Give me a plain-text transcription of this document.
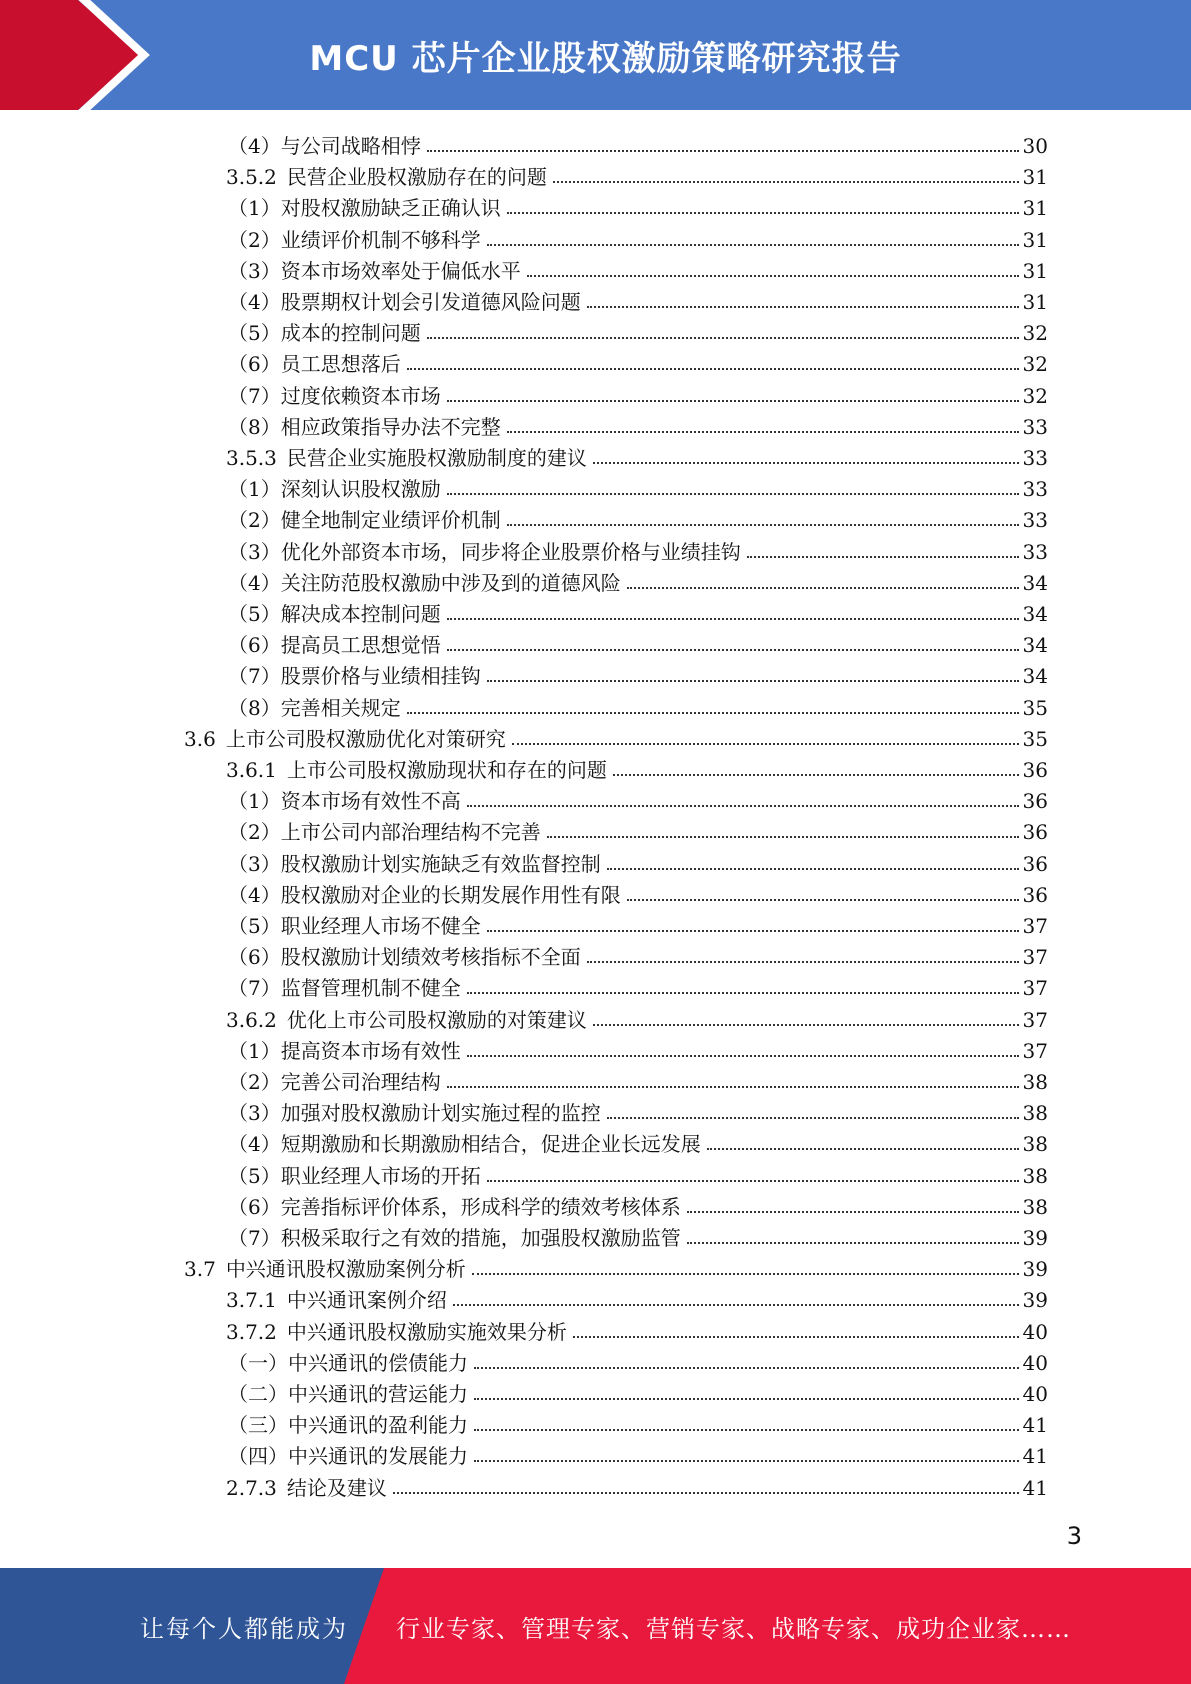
MCU 芯片企业股权激励策略研究报告
（4）与公司战略相悖	30
3.5.2 民营企业股权激励存在的问题	31
（1）对股权激励缺乏正确认识	31
（2）业绩评价机制不够科学	31
（3）资本市场效率处于偏低水平	31
（4）股票期权计划会引发道德风险问题	31
（5）成本的控制问题	32
（6）员工思想落后	32
（7）过度依赖资本市场	32
（8）相应政策指导办法不完整	33
3.5.3 民营企业实施股权激励制度的建议	33
（1）深刻认识股权激励	33
（2）健全地制定业绩评价机制	33
（3）优化外部资本市场，同步将企业股票价格与业绩挂钩	33
（4）关注防范股权激励中涉及到的道德风险	34
（5）解决成本控制问题	34
（6）提高员工思想觉悟	34
（7）股票价格与业绩相挂钩	34
（8）完善相关规定	35
3.6 上市公司股权激励优化对策研究	35
3.6.1 上市公司股权激励现状和存在的问题	36
（1）资本市场有效性不高	36
（2）上市公司内部治理结构不完善	36
（3）股权激励计划实施缺乏有效监督控制	36
（4）股权激励对企业的长期发展作用性有限	36
（5）职业经理人市场不健全	37
（6）股权激励计划绩效考核指标不全面	37
（7）监督管理机制不健全	37
3.6.2 优化上市公司股权激励的对策建议	37
（1）提高资本市场有效性	37
（2）完善公司治理结构	38
（3）加强对股权激励计划实施过程的监控	38
（4）短期激励和长期激励相结合，促进企业长远发展	38
（5）职业经理人市场的开拓	38
（6）完善指标评价体系，形成科学的绩效考核体系	38
（7）积极采取行之有效的措施，加强股权激励监管	39
3.7 中兴通讯股权激励案例分析	39
3.7.1 中兴通讯案例介绍	39
3.7.2 中兴通讯股权激励实施效果分析	40
（一）中兴通讯的偿债能力	40
（二）中兴通讯的营运能力	40
（三）中兴通讯的盈利能力	41
（四）中兴通讯的发展能力	41
2.7.3 结论及建议	41
3
让每个人都能成为 行业专家、管理专家、营销专家、战略专家、成功企业家……
